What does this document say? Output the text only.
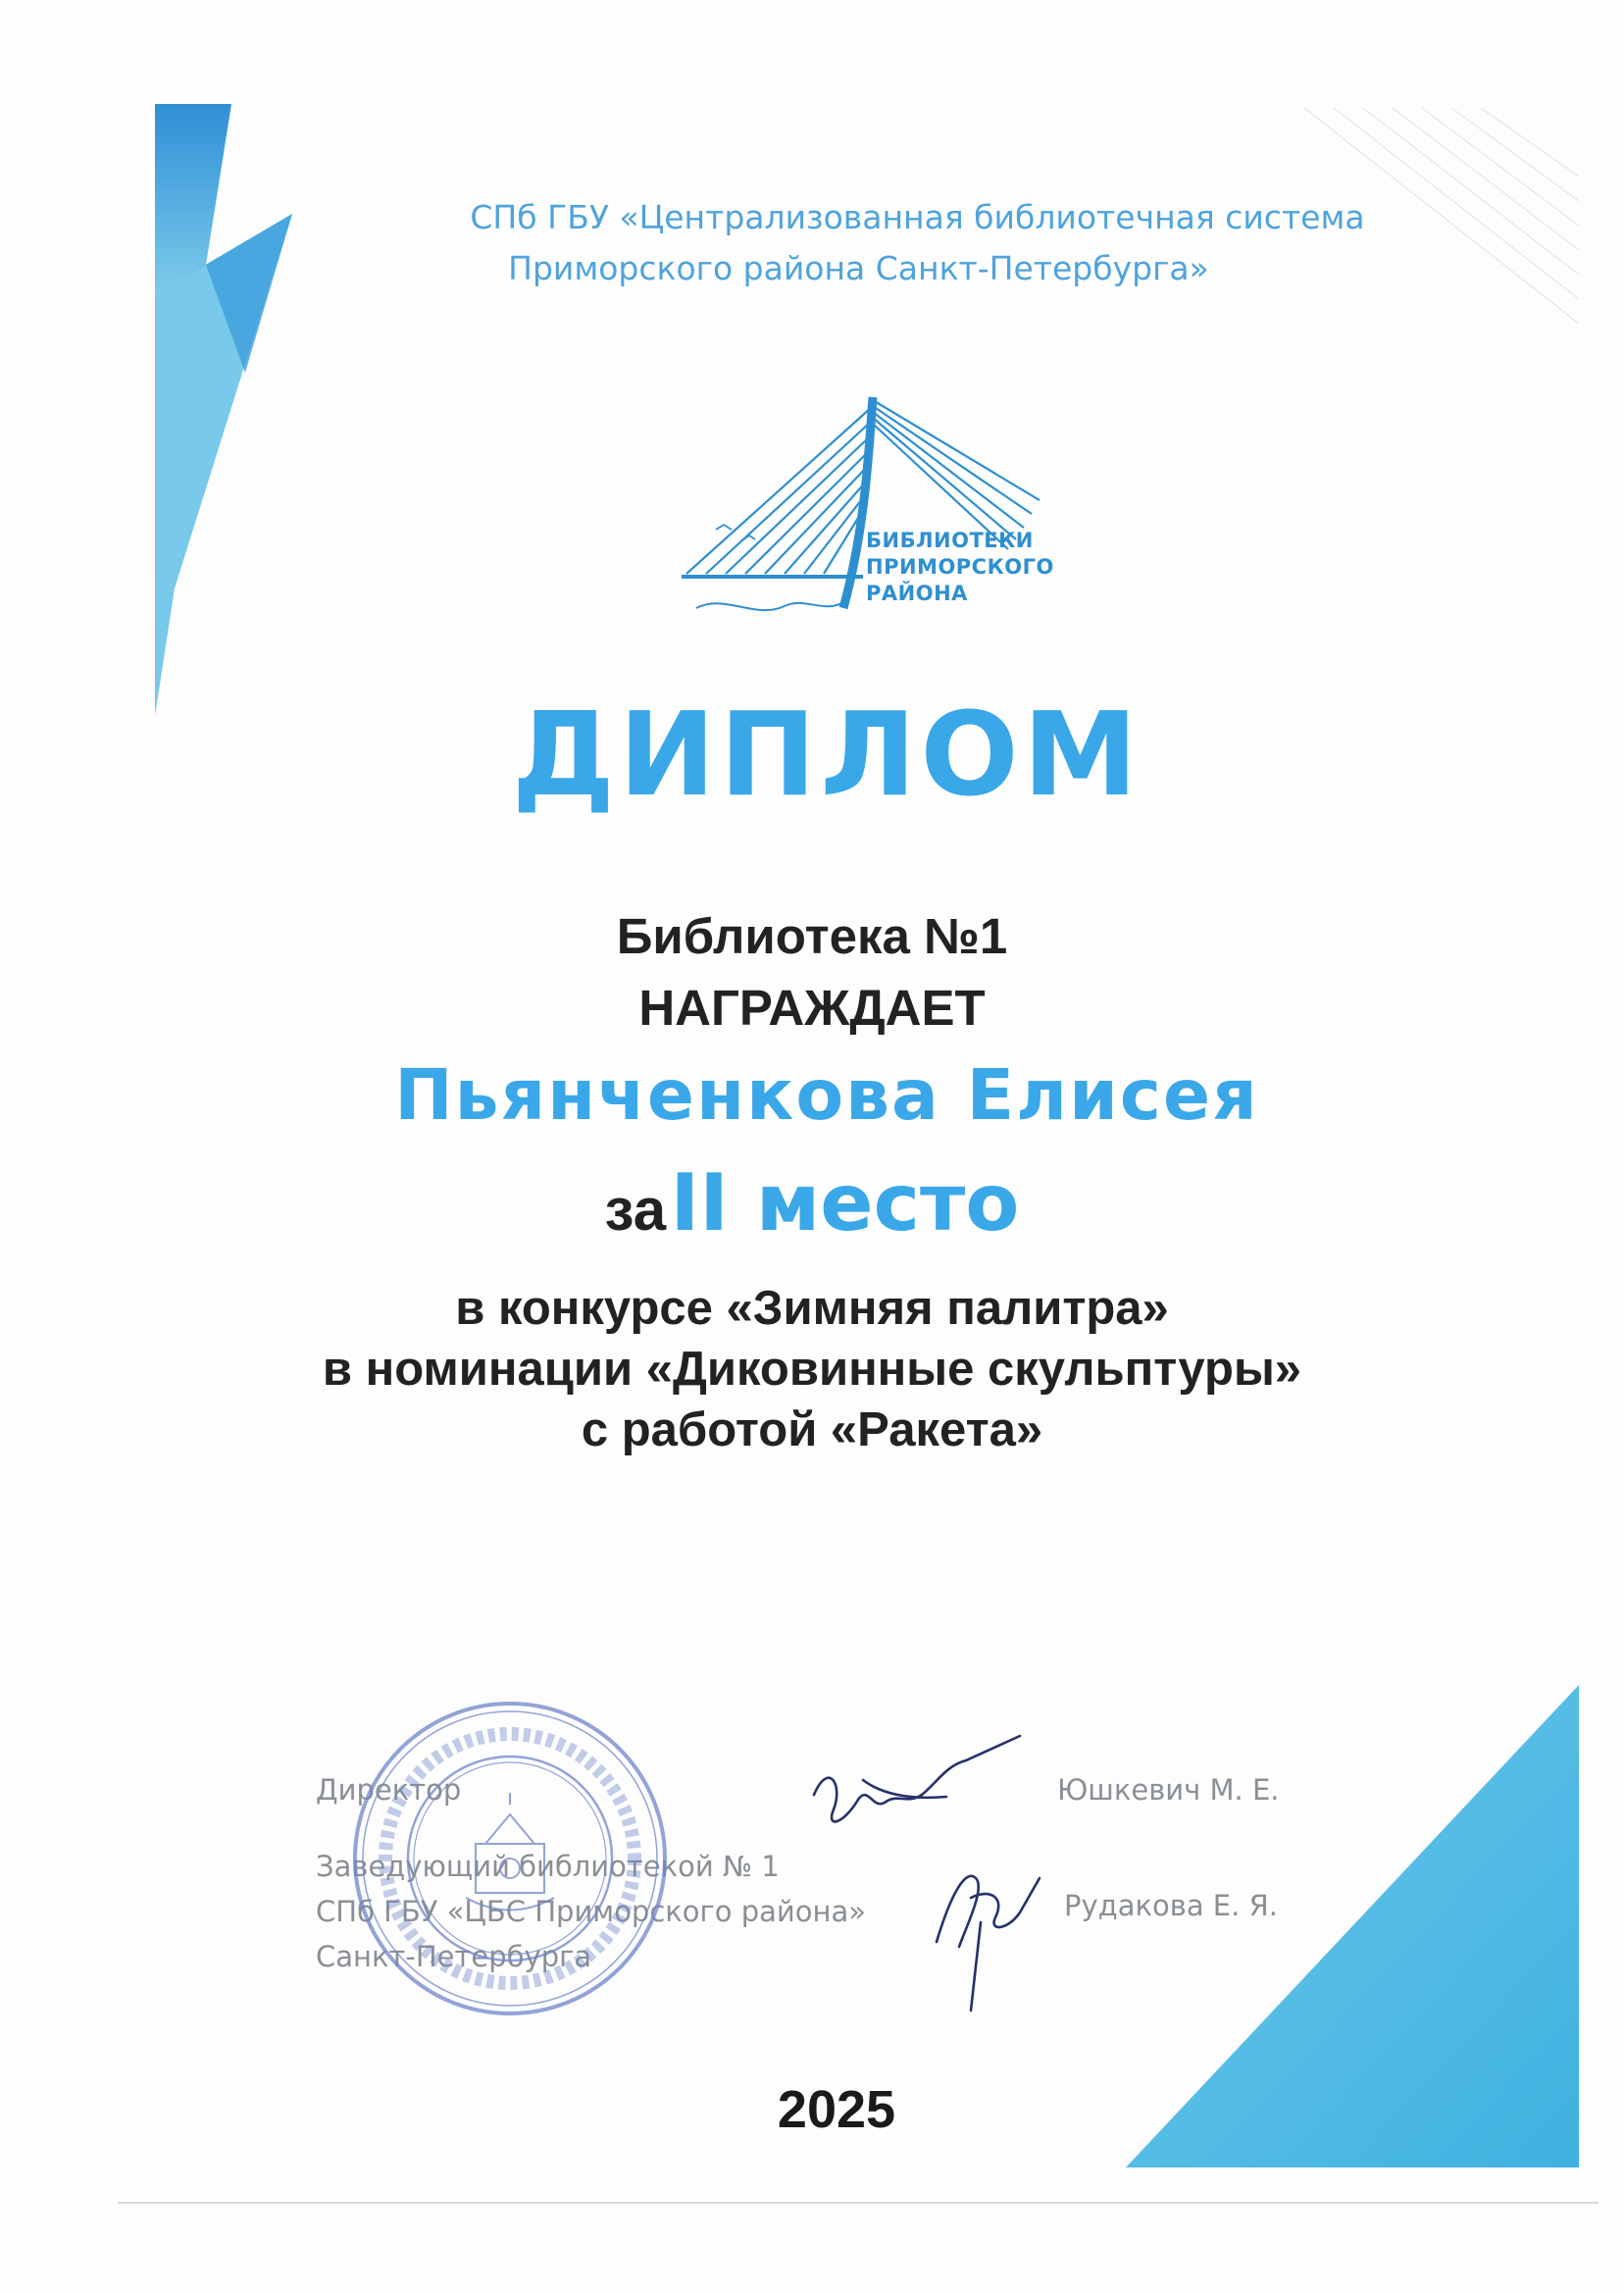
СПб ГБУ «Централизованная библиотечная система
Приморского района Санкт-Петербурга»
БИБЛИОТЕКИ
ПРИМОРСКОГО
РАЙОНА
ДИПЛОМ
Библиотека №1
НАГРАЖДАЕТ
Пьянченкова Елисея
за II место
в конкурсе «Зимняя палитра»
в номинации «Диковинные скульптуры»
с работой «Ракета»
Директор	Юшкевич М. Е.
Заведующий библиотекой № 1
СПб ГБУ «ЦБС Приморского района»
Санкт-Петербурга
Рудакова Е. Я.
2025
